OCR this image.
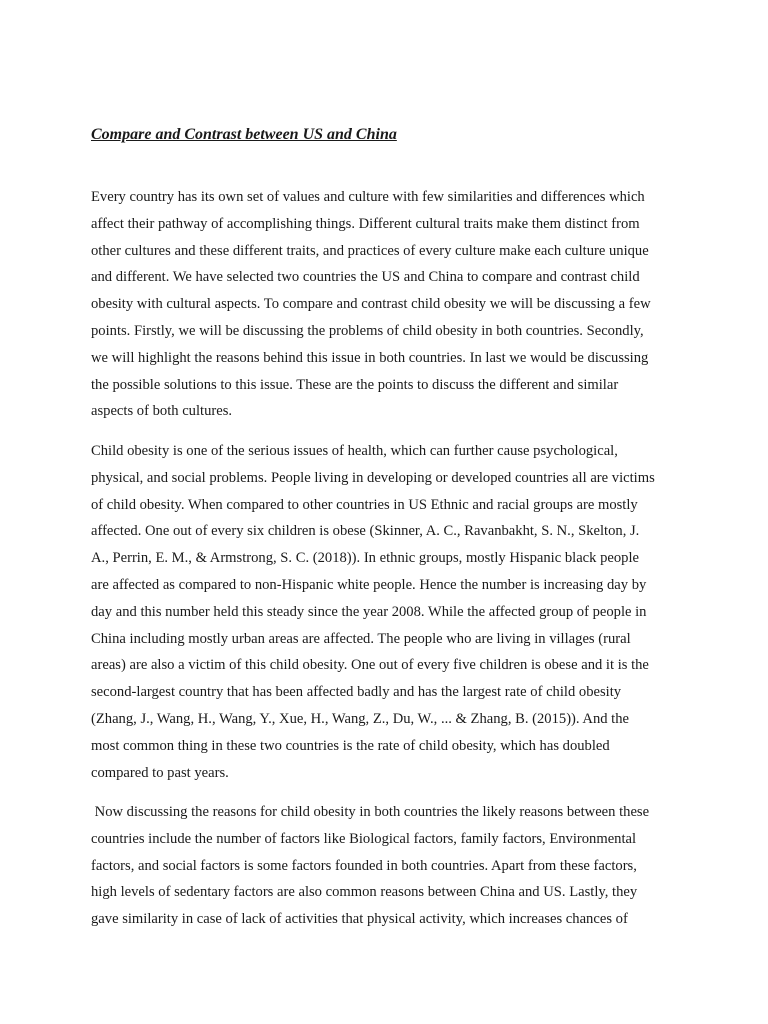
Compare and Contrast between US and China

Every country has its own set of values and culture with few similarities and differences which
affect their pathway of accomplishing things. Different cultural traits make them distinct from
other cultures and these different traits, and practices of every culture make each culture unique
and different. We have selected two countries the US and China to compare and contrast child
obesity with cultural aspects. To compare and contrast child obesity we will be discussing a few
points. Firstly, we will be discussing the problems of child obesity in both countries. Secondly,
we will highlight the reasons behind this issue in both countries. In last we would be discussing
the possible solutions to this issue. These are the points to discuss the different and similar
aspects of both cultures.

Child obesity is one of the serious issues of health, which can further cause psychological,
physical, and social problems. People living in developing or developed countries all are victims
of child obesity. When compared to other countries in US Ethnic and racial groups are mostly
affected. One out of every six children is obese (Skinner, A. C., Ravanbakht, S. N., Skelton, J.
A., Perrin, E. M., & Armstrong, S. C. (2018)). In ethnic groups, mostly Hispanic black people
are affected as compared to non-Hispanic white people. Hence the number is increasing day by
day and this number held this steady since the year 2008. While the affected group of people in
China including mostly urban areas are affected. The people who are living in villages (rural
areas) are also a victim of this child obesity. One out of every five children is obese and it is the
second-largest country that has been affected badly and has the largest rate of child obesity
(Zhang, J., Wang, H., Wang, Y., Xue, H., Wang, Z., Du, W., ... & Zhang, B. (2015)). And the
most common thing in these two countries is the rate of child obesity, which has doubled
compared to past years.

Now discussing the reasons for child obesity in both countries the likely reasons between these
countries include the number of factors like Biological factors, family factors, Environmental
factors, and social factors is some factors founded in both countries. Apart from these factors,
high levels of sedentary factors are also common reasons between China and US. Lastly, they
gave similarity in case of lack of activities that physical activity, which increases chances of
